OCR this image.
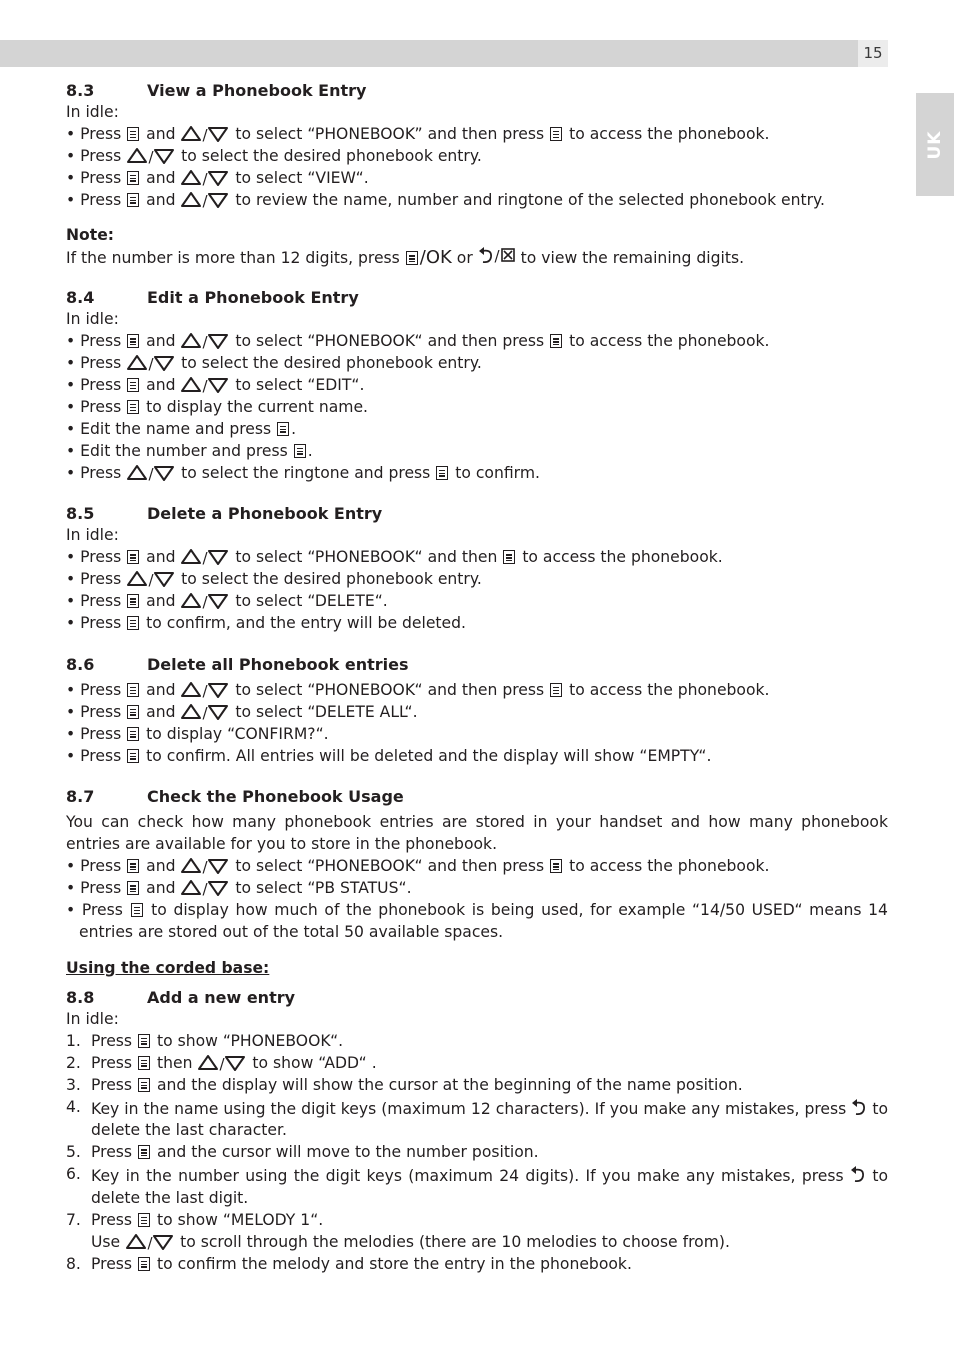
15
UK
8.3	View a Phonebook Entry
In idle:
• Press and / to select “PHONEBOOK” and then press to access the phonebook.
• Press / to select the desired phonebook entry.
• Press and / to select “VIEW“.
• Press and / to review the name, number and ringtone of the selected phonebook entry.
Note:
If the number is more than 12 digits, press /OK or / to view the remaining digits.
8.4	Edit a Phonebook Entry
In idle:
• Press and / to select “PHONEBOOK“ and then press to access the phonebook.
• Press / to select the desired phonebook entry.
• Press and / to select “EDIT“.
• Press to display the current name.
• Edit the name and press .
• Edit the number and press .
• Press / to select the ringtone and press to confirm.
8.5	Delete a Phonebook Entry
In idle:
• Press and / to select “PHONEBOOK“ and then to access the phonebook.
• Press / to select the desired phonebook entry.
• Press and / to select “DELETE“.
• Press to confirm, and the entry will be deleted.
8.6	Delete all Phonebook entries
• Press and / to select “PHONEBOOK“ and then press to access the phonebook.
• Press and / to select “DELETE ALL“.
• Press to display “CONFIRM?“.
• Press to confirm. All entries will be deleted and the display will show “EMPTY“.
8.7	Check the Phonebook Usage
You can check how many phonebook entries are stored in your handset and how many phonebook entries are available for you to store in the phonebook.
• Press and / to select “PHONEBOOK“ and then press to access the phonebook.
• Press and / to select “PB STATUS“.
• Press to display how much of the phonebook is being used, for example “14/50 USED“ means 14 entries are stored out of the total 50 available spaces.
Using the corded base:
8.8	Add a new entry
In idle:
1. Press to show “PHONEBOOK“.
2. Press then / to show “ADD“ .
3. Press and the display will show the cursor at the beginning of the name position.
4. Key in the name using the digit keys (maximum 12 characters). If you make any mistakes, press to delete the last character.
5. Press and the cursor will move to the number position.
6. Key in the number using the digit keys (maximum 24 digits). If you make any mistakes, press to delete the last digit.
7. Press to show “MELODY 1“.
Use / to scroll through the melodies (there are 10 melodies to choose from).
8. Press to confirm the melody and store the entry in the phonebook.
